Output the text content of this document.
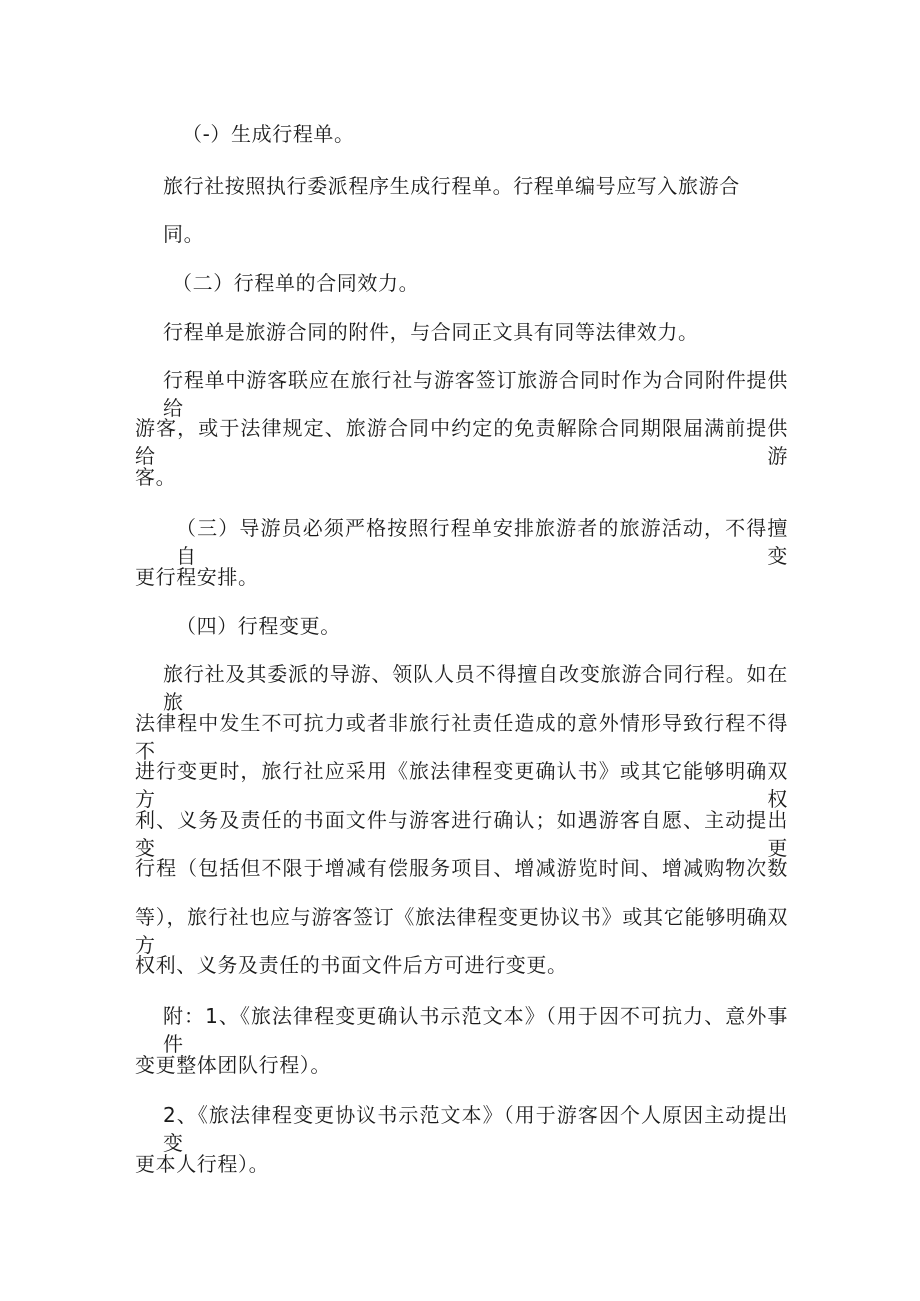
（-）生成行程单。
旅行社按照执行委派程序生成行程单。行程单编号应写入旅游合
同。
（二）行程单的合同效力。
行程单是旅游合同的附件，与合同正文具有同等法律效力。
行程单中游客联应在旅行社与游客签订旅游合同时作为合同附件提供给
游客，或于法律规定、旅游合同中约定的免责解除合同期限届满前提供给游
客。
（三）导游员必须严格按照行程单安排旅游者的旅游活动，不得擅自变
更行程安排。
（四）行程变更。
旅行社及其委派的导游、领队人员不得擅自改变旅游合同行程。如在旅
法律程中发生不可抗力或者非旅行社责任造成的意外情形导致行程不得不
进行变更时，旅行社应采用《旅法律程变更确认书》或其它能够明确双方权
利、义务及责任的书面文件与游客进行确认；如遇游客自愿、主动提出变更
行程（包括但不限于增减有偿服务项目、增减游览时间、增减购物次数
等），旅行社也应与游客签订《旅法律程变更协议书》或其它能够明确双方
权利、义务及责任的书面文件后方可进行变更。
附：1、《旅法律程变更确认书示范文本》（用于因不可抗力、意外事件
变更整体团队行程）。
2、《旅法律程变更协议书示范文本》（用于游客因个人原因主动提出变
更本人行程）。
